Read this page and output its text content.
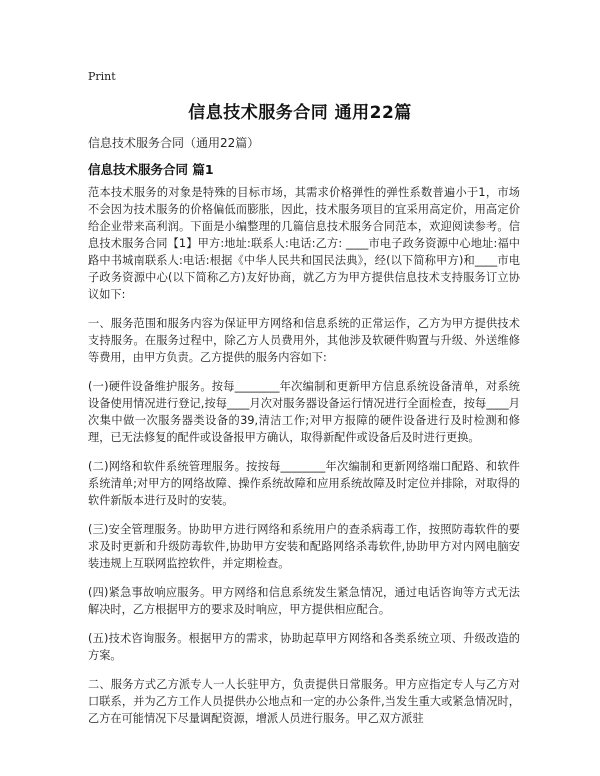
Print
信息技术服务合同 通用22篇
信息技术服务合同（通用22篇）
信息技术服务合同 篇1

范本技术服务的对象是特殊的目标市场，其需求价格弹性的弹性系数普遍小于1，市场不会因为技术服务的价格偏低而膨胀，因此，技术服务项目的宜采用高定价，用高定价给企业带来高利润。下面是小编整理的几篇信息技术服务合同范本，欢迎阅读参考。信息技术服务合同【1】甲方:地址:联系人:电话:乙方: ____市电子政务资源中心地址:福中路中书城南联系人:电话:根据《中华人民共和国民法典》，经(以下简称甲方)和____市电子政务资源中心(以下简称乙方)友好协商，就乙方为甲方提供信息技术支持服务订立协议如下:

一、服务范围和服务内容为保证甲方网络和信息系统的正常运作，乙方为甲方提供技术支持服务。在服务过程中，除乙方人员费用外，其他涉及软硬件购置与升级、外送维修等费用，由甲方负责。乙方提供的服务内容如下:

(一)硬件设备维护服务。按每________年次编制和更新甲方信息系统设备清单，对系统设备使用情况进行登记,按每____月次对服务器设备运行情况进行全面检查，按每____月次集中做一次服务器类设备的39,清洁工作;对甲方报障的硬件设备进行及时检测和修理，已无法修复的配件或设备报甲方确认，取得新配件或设备后及时进行更换。

(二)网络和软件系统管理服务。按按每________年次编制和更新网络端口配路、和软件系统清单;对甲方的网络故障、操作系统故障和应用系统故障及时定位并排除，对取得的软件新版本进行及时的安装。

(三)安全管理服务。协助甲方进行网络和系统用户的查杀病毒工作，按照防毒软件的要求及时更新和升级防毒软件,协助甲方安装和配路网络杀毒软件,协助甲方对内网电脑安装违规上互联网监控软件，并定期检查。

(四)紧急事故响应服务。甲方网络和信息系统发生紧急情况，通过电话咨询等方式无法解决时，乙方根据甲方的要求及时响应，甲方提供相应配合。

(五)技术咨询服务。根据甲方的需求，协助起草甲方网络和各类系统立项、升级改造的方案。

二、服务方式乙方派专人一人长驻甲方，负责提供日常服务。甲方应指定专人与乙方对口联系，并为乙方工作人员提供办公地点和一定的办公条件,当发生重大或紧急情况时，乙方在可能情况下尽量调配资源，增派人员进行服务。甲乙双方派驻
